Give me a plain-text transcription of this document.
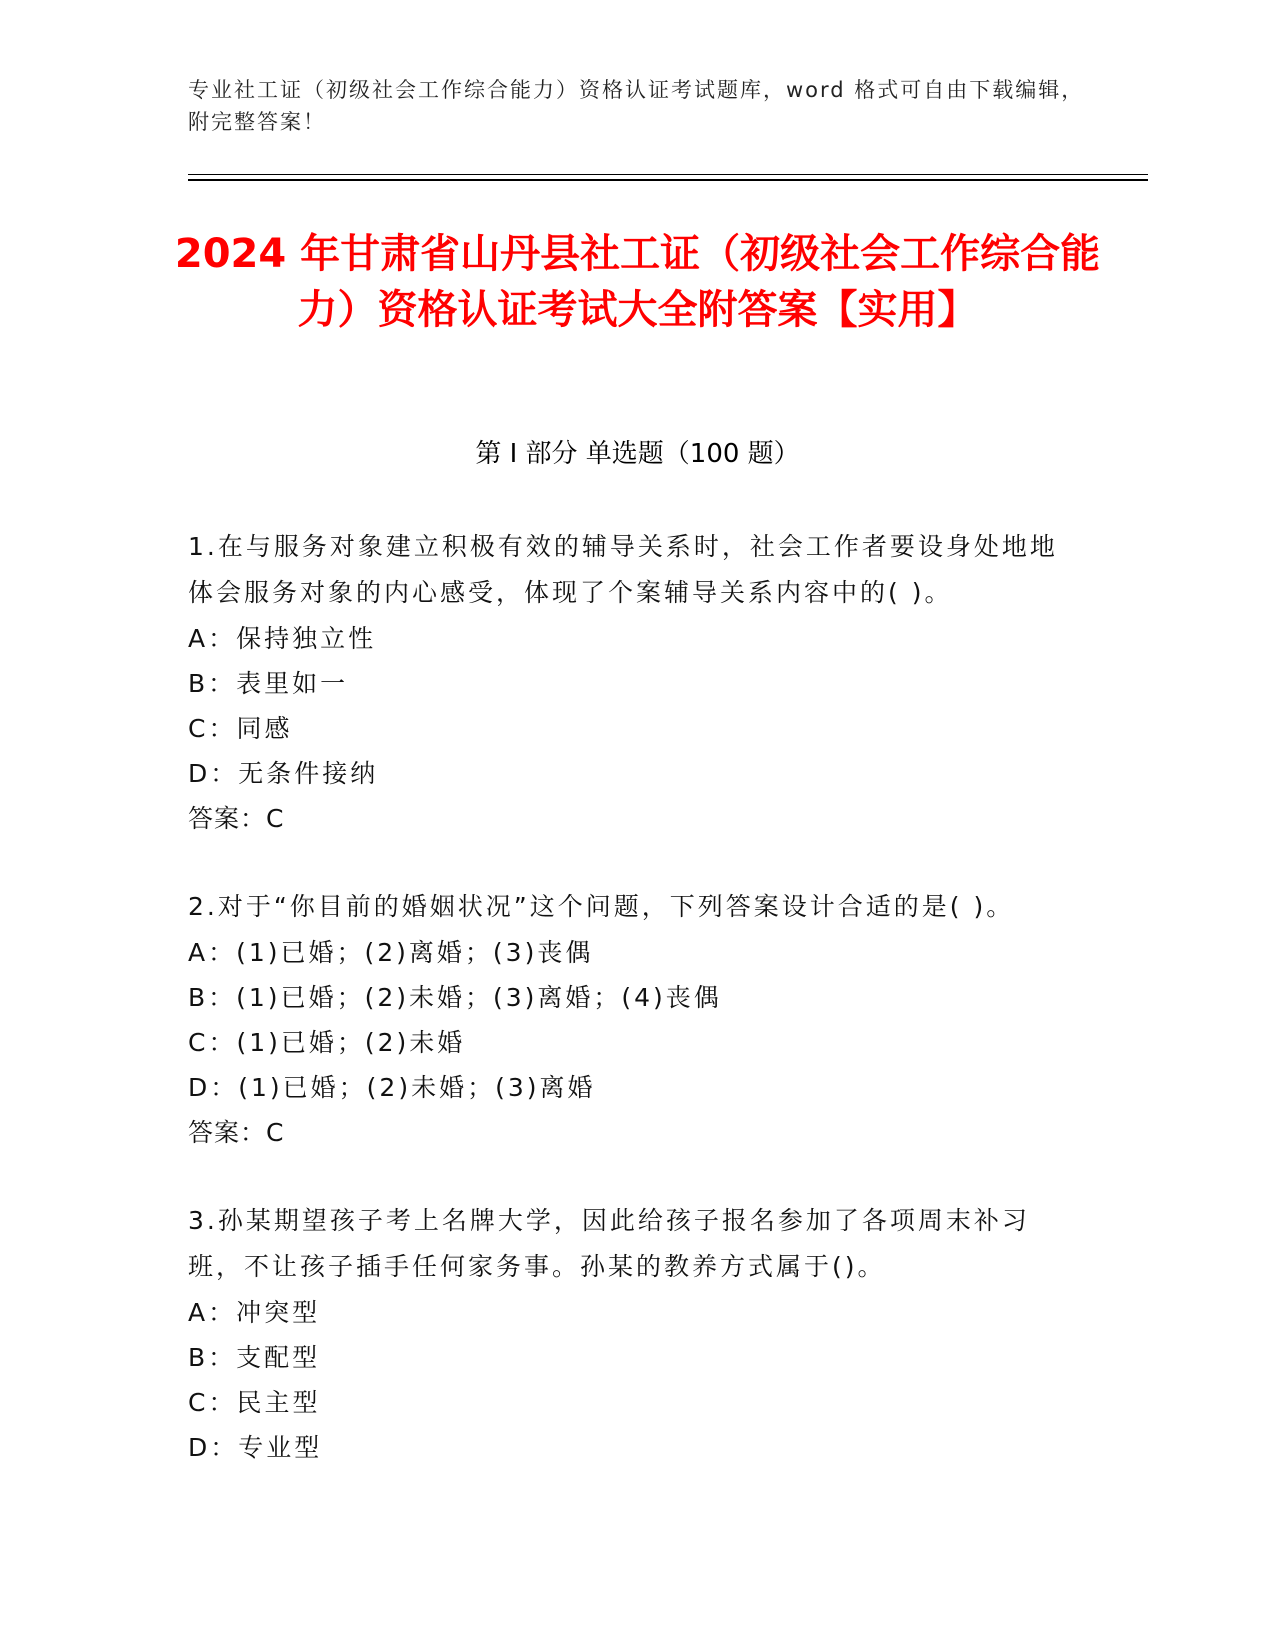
专业社工证（初级社会工作综合能力）资格认证考试题库，word 格式可自由下载编辑，附完整答案！
2024 年甘肃省山丹县社工证（初级社会工作综合能力）资格认证考试大全附答案【实用】
第 I 部分 单选题（100 题）
1.在与服务对象建立积极有效的辅导关系时，社会工作者要设身处地地体会服务对象的内心感受，体现了个案辅导关系内容中的( )。
A：保持独立性
B：表里如一
C：同感
D：无条件接纳
答案：C
2.对于“你目前的婚姻状况”这个问题，下列答案设计合适的是( )。
A：(1)已婚；(2)离婚；(3)丧偶
B：(1)已婚；(2)未婚；(3)离婚；(4)丧偶
C：(1)已婚；(2)未婚
D：(1)已婚；(2)未婚；(3)离婚
答案：C
3.孙某期望孩子考上名牌大学，因此给孩子报名参加了各项周末补习班，不让孩子插手任何家务事。孙某的教养方式属于()。
A：冲突型
B：支配型
C：民主型
D：专业型
